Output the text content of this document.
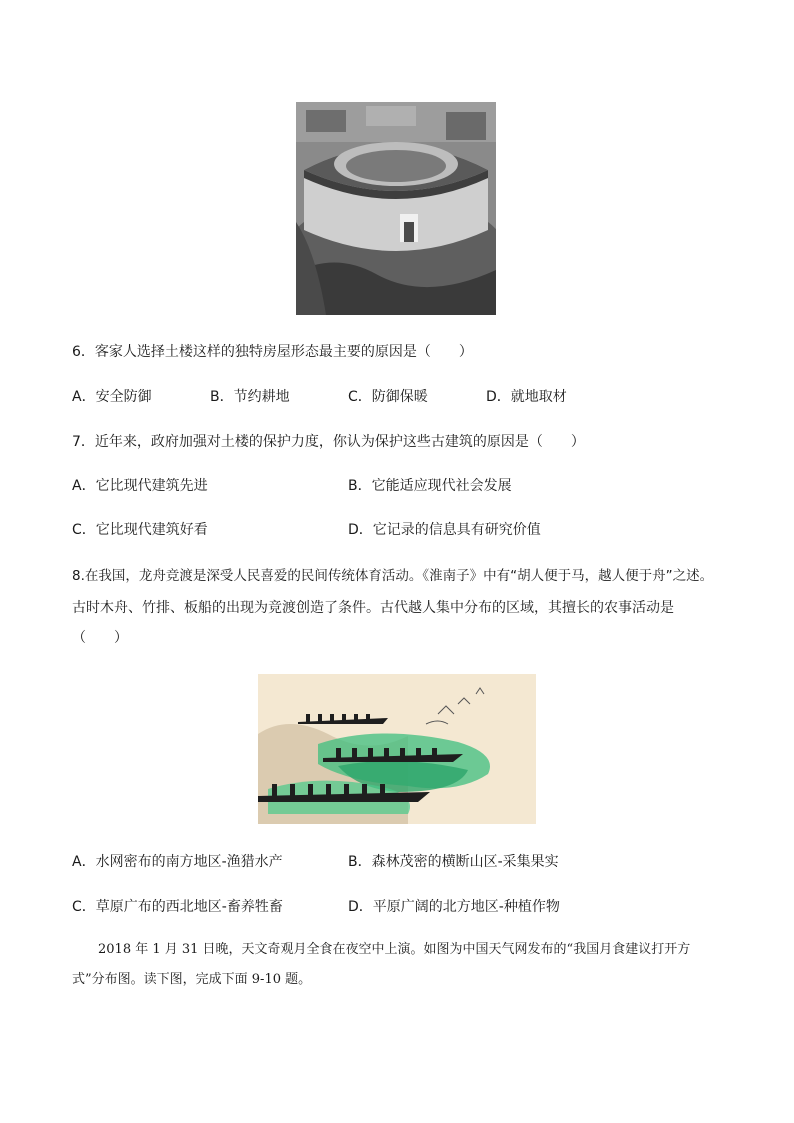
6．客家人选择土楼这样的独特房屋形态最主要的原因是（　　）
A．安全防御	B．节约耕地	C．防御保暖	D．就地取材
7．近年来，政府加强对土楼的保护力度，你认为保护这些古建筑的原因是（　　）
A．它比现代建筑先进	B．它能适应现代社会发展
C．它比现代建筑好看	D．它记录的信息具有研究价值
8.在我国，龙舟竞渡是深受人民喜爱的民间传统体育活动。《淮南子》中有“胡人便于马，越人便于舟”之述。
古时木舟、竹排、板船的出现为竞渡创造了条件。古代越人集中分布的区域，其擅长的农事活动是
（　　）
A．水网密布的南方地区-渔猎水产	B．森林茂密的横断山区-采集果实
C．草原广布的西北地区-畜养牲畜	D．平原广阔的北方地区-种植作物
2018 年 1 月 31 日晚，天文奇观月全食在夜空中上演。如图为中国天气网发布的“我国月食建议打开方
式”分布图。读下图，完成下面 9-10 题。
